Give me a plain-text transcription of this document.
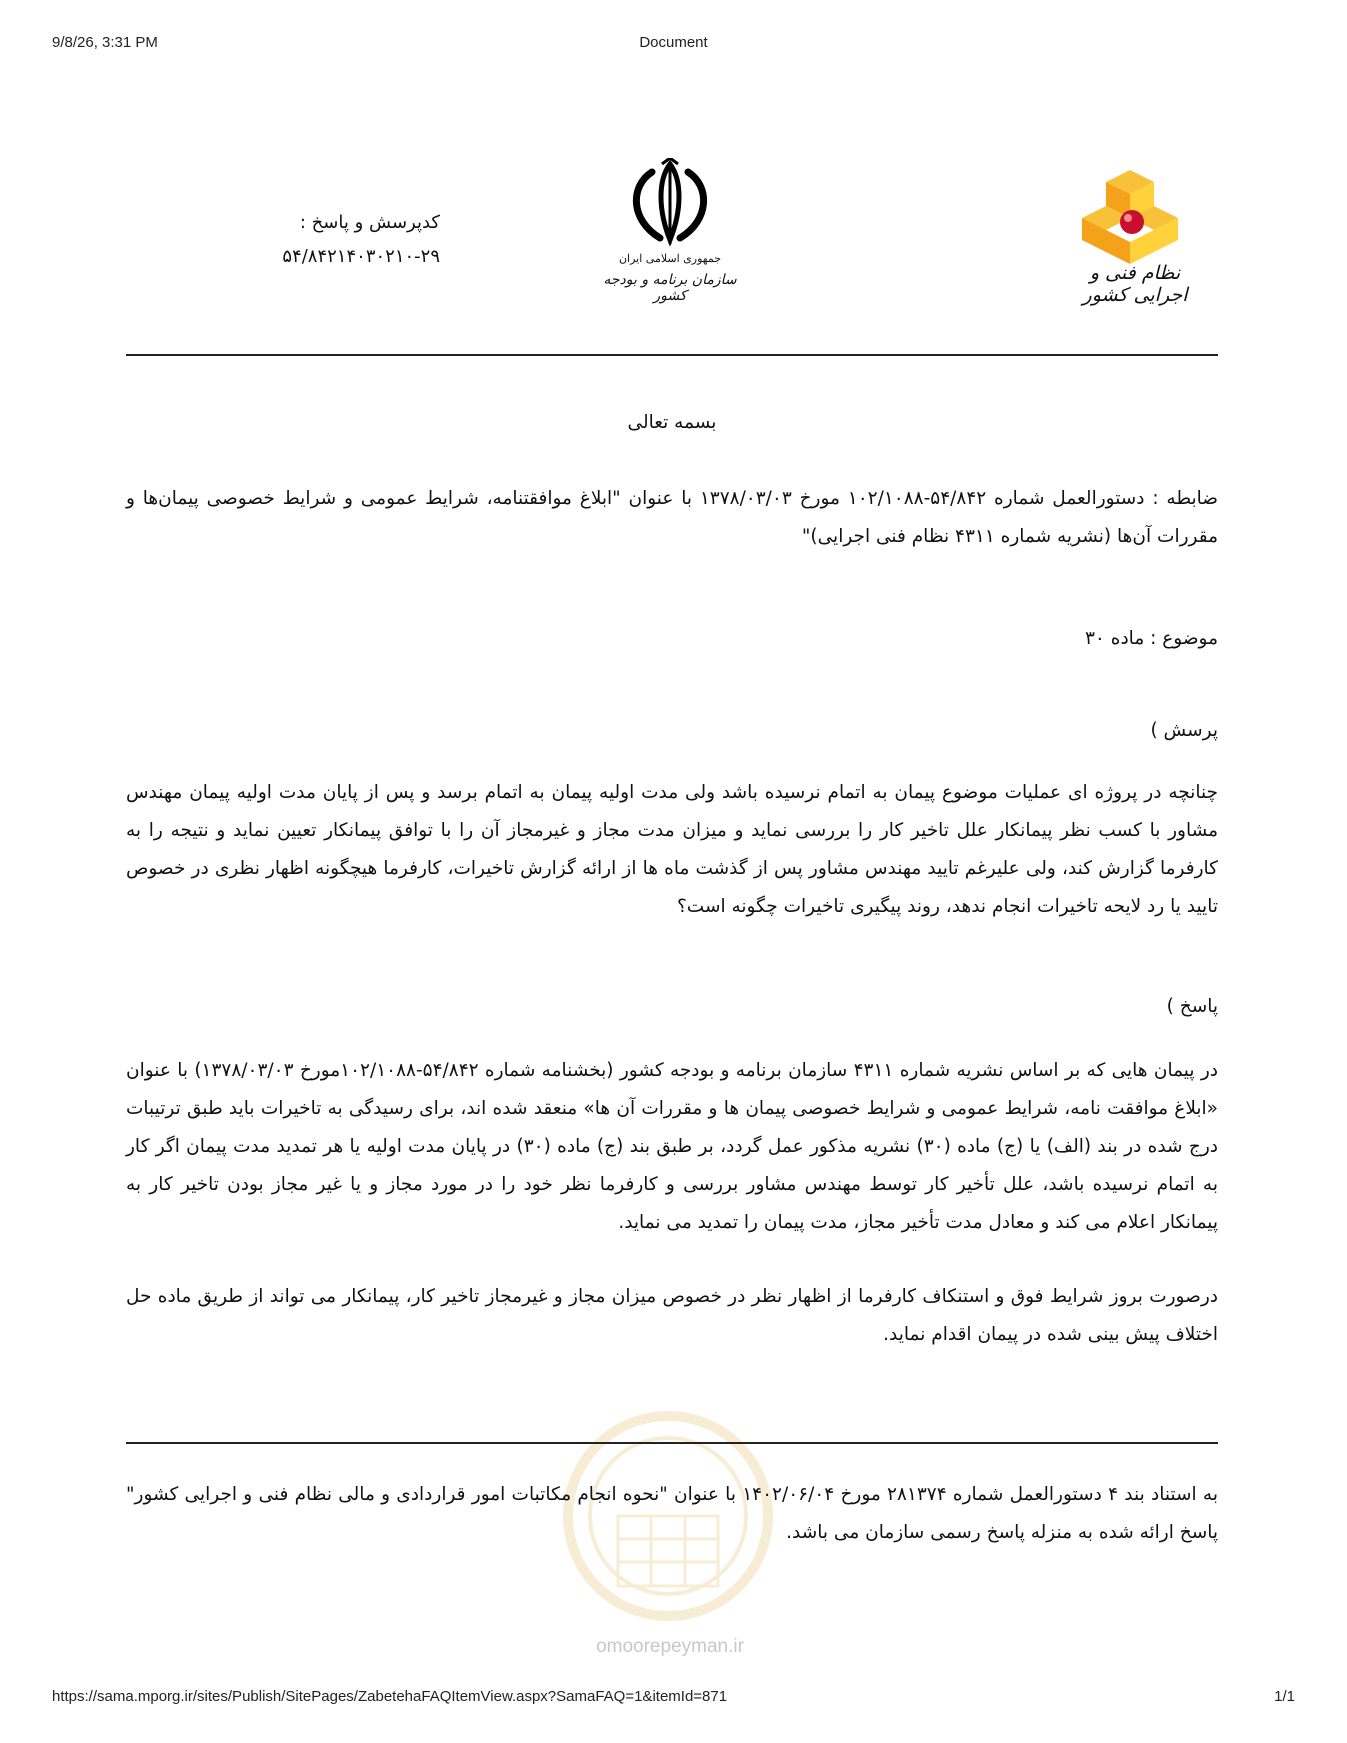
9/8/26, 3:31 PM	Document
نظام فنی و اجرایی کشور
جمهوری اسلامی ایران
سازمان برنامه و بودجه کشور
کدپرسش و پاسخ :
۵۴/۸۴۲۱۴۰۳۰۲۱۰-۲۹
بسمه تعالی
ضابطه : دستورالعمل شماره ۵۴/۸۴۲-۱۰۲/۱۰۸۸ مورخ ۱۳۷۸/۰۳/۰۳ با عنوان "ابلاغ موافقتنامه، شرایط عمومی و شرایط خصوصی پیمان‌ها و مقررات آن‌ها (نشریه شماره ۴۳۱۱ نظام فنی اجرایی)"
موضوع : ماده ۳۰
پرسش )
چنانچه در پروژه ای عملیات موضوع پیمان به اتمام نرسیده باشد ولی مدت اولیه پیمان به اتمام برسد و پس از پایان مدت اولیه پیمان مهندس مشاور با کسب نظر پیمانکار علل تاخیر کار را بررسی نماید و میزان مدت مجاز و غیرمجاز آن را با توافق پیمانکار تعیین نماید و نتیجه را به کارفرما گزارش کند، ولی علیرغم تایید مهندس مشاور پس از گذشت ماه ها از ارائه گزارش تاخیرات، کارفرما هیچگونه اظهار نظری در خصوص تایید یا رد لایحه تاخیرات انجام ندهد، روند پیگیری تاخیرات چگونه است؟
پاسخ )
در پیمان هایی که بر اساس نشریه شماره ۴۳۱۱ سازمان برنامه و بودجه کشور (بخشنامه شماره ۵۴/۸۴۲-۱۰۲/۱۰۸۸مورخ ۱۳۷۸/۰۳/۰۳) با عنوان «ابلاغ موافقت نامه، شرایط عمومی و شرایط خصوصی پیمان ها و مقررات آن ها» منعقد شده اند، برای رسیدگی به تاخیرات باید طبق ترتیبات درج شده در بند (الف) یا (ج) ماده (۳۰) نشریه مذکور عمل گردد، بر طبق بند (ج) ماده (۳۰) در پایان مدت اولیه یا هر تمدید مدت پیمان اگر کار به اتمام نرسیده باشد، علل تأخیر کار توسط مهندس مشاور بررسی و کارفرما نظر خود را در مورد مجاز و یا غیر مجاز بودن تاخیر کار به پیمانکار اعلام می کند و معادل مدت تأخیر مجاز، مدت پیمان را تمدید می نماید.
درصورت بروز شرایط فوق و استنکاف کارفرما از اظهار نظر در خصوص میزان مجاز و غیرمجاز تاخیر کار، پیمانکار می تواند از طریق ماده حل اختلاف پیش بینی شده در پیمان اقدام نماید.
omoorepeyman.ir
به استناد بند ۴ دستورالعمل شماره ۲۸۱۳۷۴ مورخ ۱۴۰۲/۰۶/۰۴ با عنوان "نحوه انجام مکاتبات امور قراردادی و مالی نظام فنی و اجرایی کشور" پاسخ ارائه شده به منزله پاسخ رسمی سازمان می باشد.
https://sama.mporg.ir/sites/Publish/SitePages/ZabetehaFAQItemView.aspx?SamaFAQ=1&itemId=871	1/1
